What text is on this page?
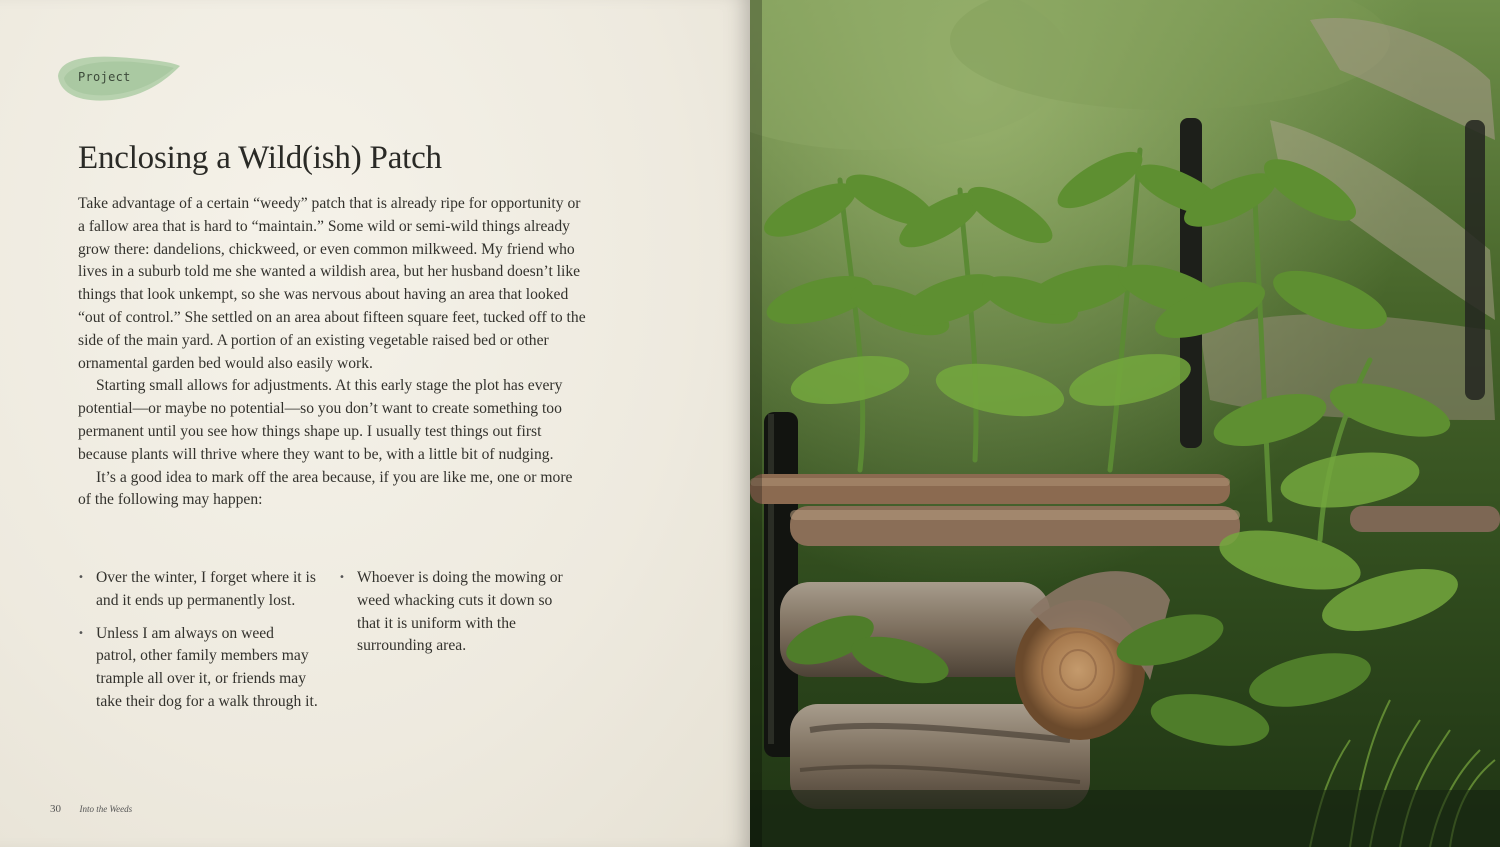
Project
Enclosing a Wild(ish) Patch

Take advantage of a certain “weedy” patch that is already ripe for opportunity or a fallow area that is hard to “maintain.” Some wild or semi-wild things already grow there: dandelions, chickweed, or even common milkweed. My friend who lives in a suburb told me she wanted a wildish area, but her husband doesn’t like things that look unkempt, so she was nervous about having an area that looked “out of control.” She settled on an area about fifteen square feet, tucked off to the side of the main yard. A portion of an existing vegetable raised bed or other ornamental garden bed would also easily work.

Starting small allows for adjustments. At this early stage the plot has every potential—or maybe no potential—so you don’t want to create something too permanent until you see how things shape up. I usually test things out first because plants will thrive where they want to be, with a little bit of nudging.

It’s a good idea to mark off the area because, if you are like me, one or more of the following may happen:

• Over the winter, I forget where it is and it ends up permanently lost.
• Unless I am always on weed patrol, other family members may trample all over it, or friends may take their dog for a walk through it.
• Whoever is doing the mowing or weed whacking cuts it down so that it is uniform with the surrounding area.
30 Into the Weeds
